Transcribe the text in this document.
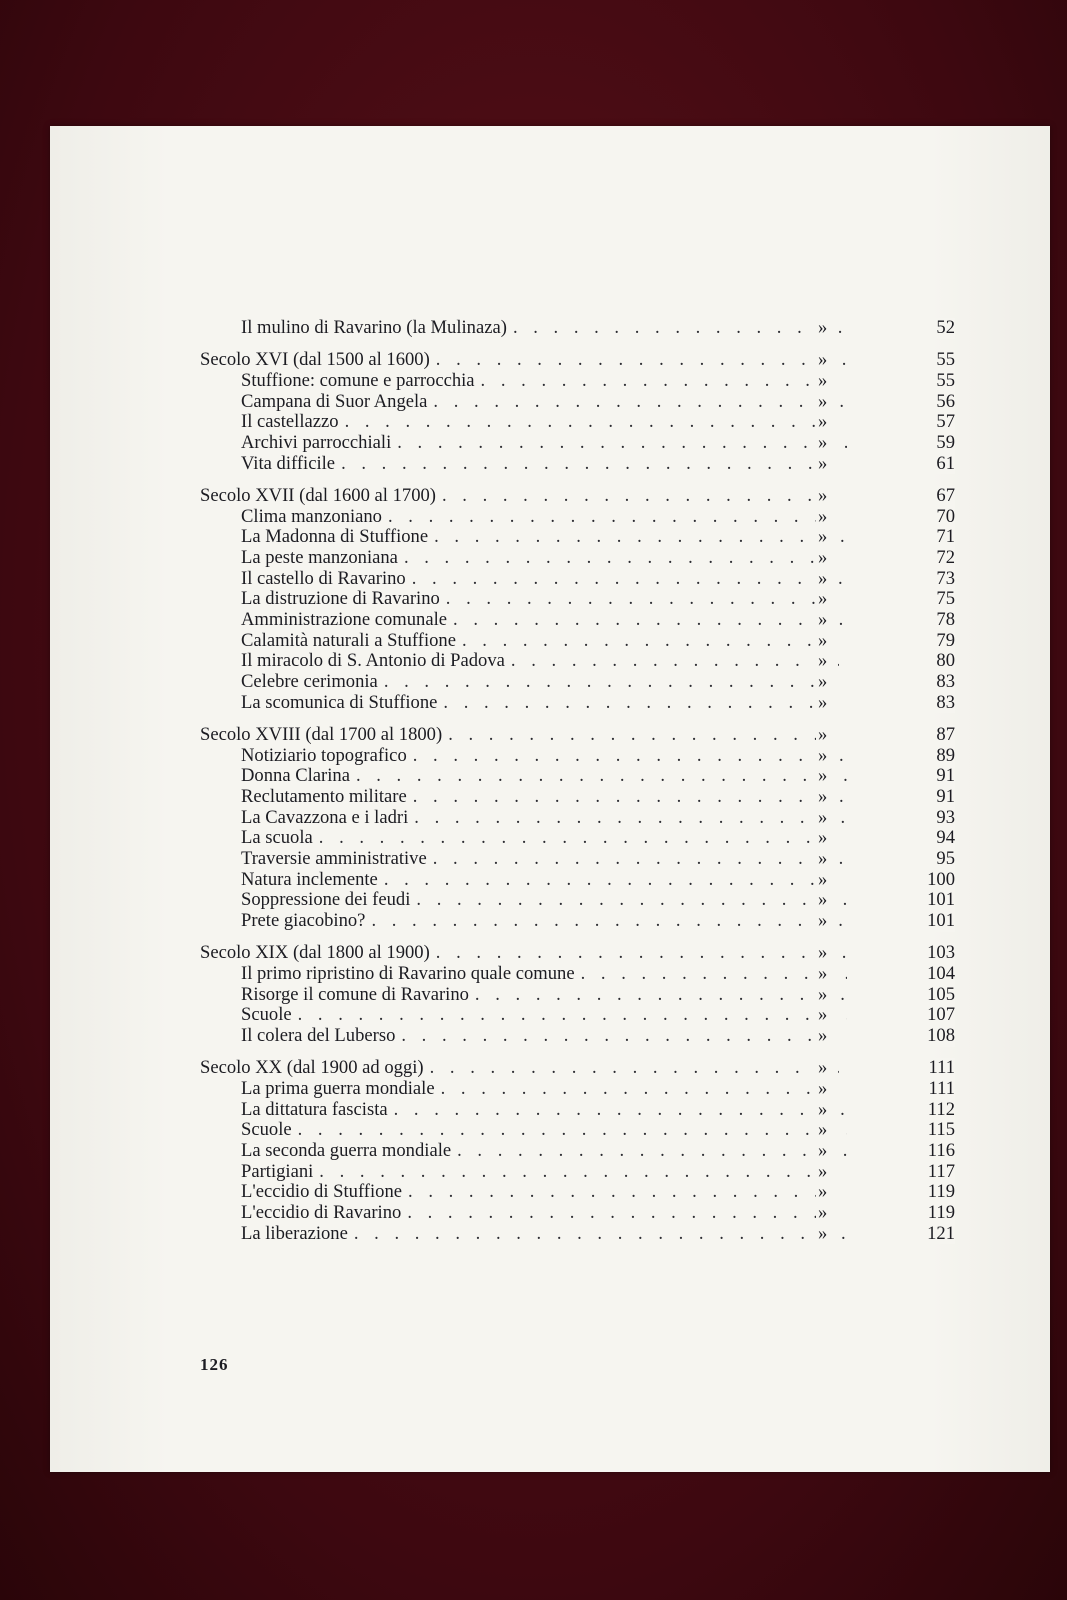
Il mulino di Ravarino (la Mulinaza) . . .	»	52
Secolo XVI (dal 1500 al 1600) . . .	»	55
Stuffione: comune e parrocchia . . .	»	55
Campana di Suor Angela . . .	»	56
Il castellazzo . . .	»	57
Archivi parrocchiali . . .	»	59
Vita difficile . . .	»	61
Secolo XVII (dal 1600 al 1700) . . .	»	67
Clima manzoniano . . .	»	70
La Madonna di Stuffione . . .	»	71
La peste manzoniana . . .	»	72
Il castello di Ravarino . . .	»	73
La distruzione di Ravarino . . .	»	75
Amministrazione comunale . . .	»	78
Calamità naturali a Stuffione . . .	»	79
Il miracolo di S. Antonio di Padova . . .	»	80
Celebre cerimonia . . .	»	83
La scomunica di Stuffione . . .	»	83
Secolo XVIII (dal 1700 al 1800) . . .	»	87
Notiziario topografico . . .	»	89
Donna Clarina . . .	»	91
Reclutamento militare . . .	»	91
La Cavazzona e i ladri . . .	»	93
La scuola . . .	»	94
Traversie amministrative . . .	»	95
Natura inclemente . . .	»	100
Soppressione dei feudi . . .	»	101
Prete giacobino? . . .	»	101
Secolo XIX (dal 1800 al 1900) . . .	»	103
Il primo ripristino di Ravarino quale comune . . .	»	104
Risorge il comune di Ravarino . . .	»	105
Scuole . . .	»	107
Il colera del Luberso . . .	»	108
Secolo XX (dal 1900 ad oggi) . . .	»	111
La prima guerra mondiale . . .	»	111
La dittatura fascista . . .	»	112
Scuole . . .	»	115
La seconda guerra mondiale . . .	»	116
Partigiani . . .	»	117
L'eccidio di Stuffione . . .	»	119
L'eccidio di Ravarino . . .	»	119
La liberazione . . .	»	121
126
